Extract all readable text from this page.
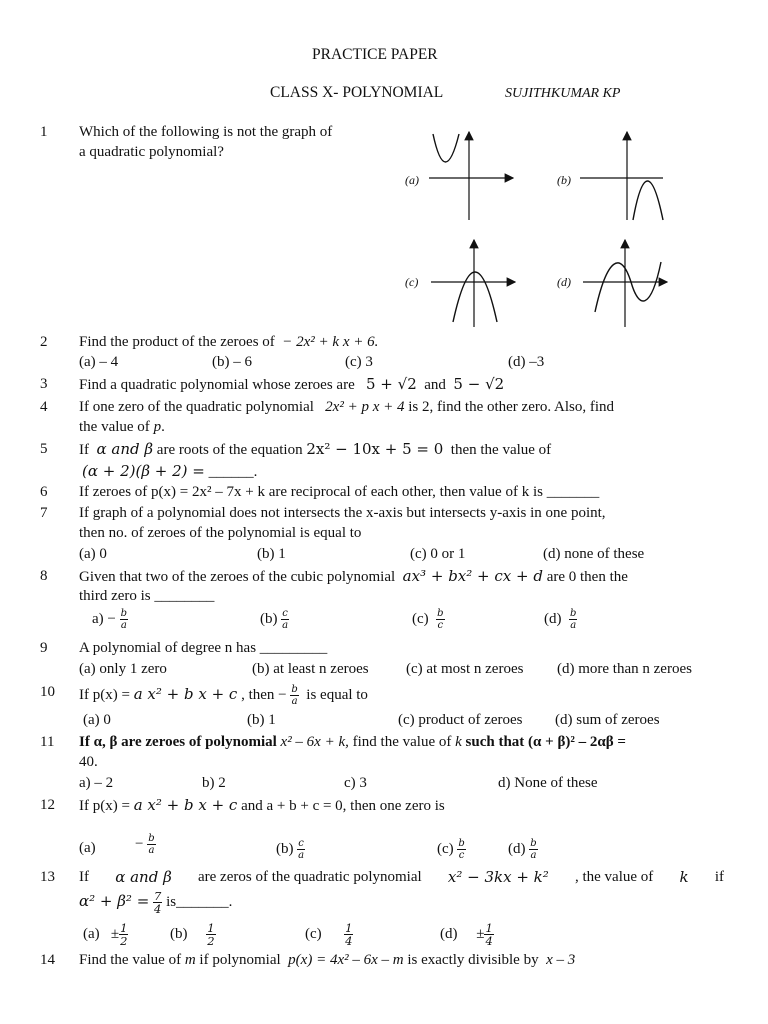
PRACTICE PAPER
CLASS X- POLYNOMIAL	SUJITHKUMAR KP
1 Which of the following is not the graph of
a quadratic polynomial?
(a)	(b)
(c)	(d)
2 Find the product of the zeroes of − 2x² + k x + 6.
(a) – 4	(b) – 6	(c) 3	(d) –3
3 Find a quadratic polynomial whose zeroes are 5 + √2 and 5 − √2
4 If one zero of the quadratic polynomial 2x² + p x + 4 is 2, find the other zero. Also, find
the value of p.
5 If α and β are roots of the equation 2x² − 10x + 5 = 0 then the value of
(α + 2)(β + 2) = ______.
6 If zeroes of p(x) = 2x² – 7x + k are reciprocal of each other, then value of k is _______
7 If graph of a polynomial does not intersects the x-axis but intersects y-axis in one point,
then no. of zeroes of the polynomial is equal to
(a) 0	(b) 1	(c) 0 or 1	(d) none of these
8 Given that two of the zeroes of the cubic polynomial ax³ + bx² + cx + d are 0 then the
third zero is ________
$a) - \frac{b}{a}$	$(b) \frac{c}{a}$	$(c) \frac{b}{c}$	$(d) \frac{b}{a}$
9 A polynomial of degree n has _________
(a) only 1 zero	(b) at least n zeroes (c) at most n zeroes (d) more than n zeroes
10 If p(x) = a x² + b x + c , then − $\frac{b}{a}$ is equal to
(a) 0	(b) 1	(c) product of zeroes (d) sum of zeroes
11 If α, β are zeroes of polynomial x² – 6x + k, find the value of k such that (α + β)² – 2αβ =
40.
a) – 2	b) 2	c) 3	d) None of these
12 If p(x) = a x² + b x + c and a + b + c = 0, then one zero is
(a)	− $\frac{b}{a}$	$(b) \frac{c}{a}$	$(c) \frac{b}{c}$	$(d) \frac{b}{a}$
13 If α and β are zeros of the quadratic polynomial x² − 3kx + k² , the value of k if
$\alpha^2 + \beta^2 = \frac{7}{4}$ is_______.
$(a) \pm \frac{1}{2}$	$(b) \frac{1}{2}$	$(c) \frac{1}{4}$	$(d) \pm \frac{1}{4}$
14 Find the value of m if polynomial p(x) = 4x² – 6x – m is exactly divisible by x – 3
